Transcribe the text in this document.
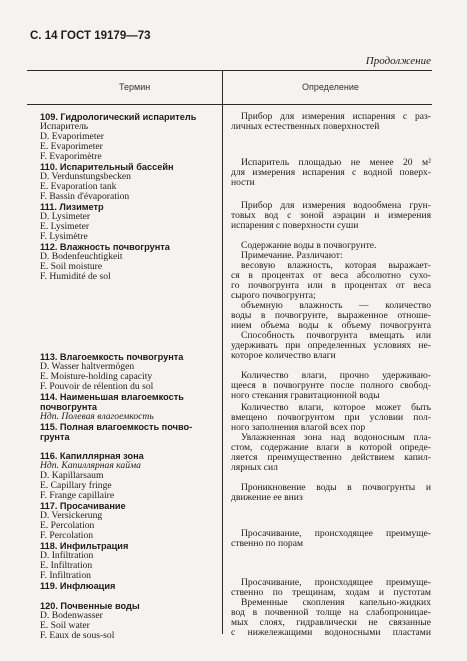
С. 14 ГОСТ 19179—73
Продолжение
Термин	Определение
109. Гидрологический испаритель
Испаритель
D. Evaporimeter
E. Evaporimeter
F. Evaporimètre
110. Испарительный бассейн
D. Verdunstungsbecken
E. Evaporation tank
F. Bassin d'évaporation
111. Лизиметр
D. Lysimeter
E. Lysimeter
F. Lysimètre
112. Влажность почвогрунта
D. Bodenfeuchtigkeit
E. Soil moisture
F. Humidité de sol
113. Влагоемкость почвогрунта
D. Wasser haltvermögen
E. Moisture-holding capacity
F. Pouvoir de rélention du sol
114. Наименьшая влагоемкость
почвогрунта
Ндп. Полевая влагоемкость
115. Полная влагоемкость почво-
грунта
116. Капиллярная зона
Ндп. Капиллярная кайма
D. Kapillarsaum
E. Capillary fringe
F. Frange capillaire
117. Просачивание
D. Versickerung
E. Percolation
F. Percolation
118. Инфильтрация
D. Infiltration
E. Infiltration
F. Infiltration
119. Инфлюация
120. Почвенные воды
D. Bodenwasser
E. Soil water
F. Eaux de sous-sol
Прибор для измерения испарения с раз-
личных естественных поверхностей
Испаритель площадью не менее 20 м²
для измерения испарения с водной поверх-
ности
Прибор для измерения водообмена грун-
товых вод с зоной аэрации и измерения
испарения с поверхности суши
Содержание воды в почвогрунте.
Примечание. Различают:
весовую влажность, которая выражает-
ся в процентах от веса абсолютно сухо-
го почвогрунта или в процентах от веса
сырого почвогрунта;
объемную влажность — количество
воды в почвогрунте, выраженное отноше-
нием объема воды к объему почвогрунта
Способность почвогрунта вмещать или
удерживать при определенных условиях не-
которое количество влаги
Количество влаги, прочно удерживаю-
щееся в почвогрунте после полного свобод-
ного стекания гравитационной воды
Количество влаги, которое может быть
вмещено почвогрунтом при условии пол-
ного заполнения влагой всех пор
Увлажненная зона над водоносным пла-
стом, содержание влаги в которой опреде-
ляется преимущественно действием капил-
лярных сил
Проникновение воды в почвогрунты и
движение ее вниз
Просачивание, происходящее преимуще-
ственно по порам
Просачивание, происходящее преимуще-
ственно по трещинам, ходам и пустотам
Временные скопления капельно-жидких
вод в почвенной толще на слабопроницае-
мых слоях, гидравлически не связанные
с нижележащими водоносными пластами
